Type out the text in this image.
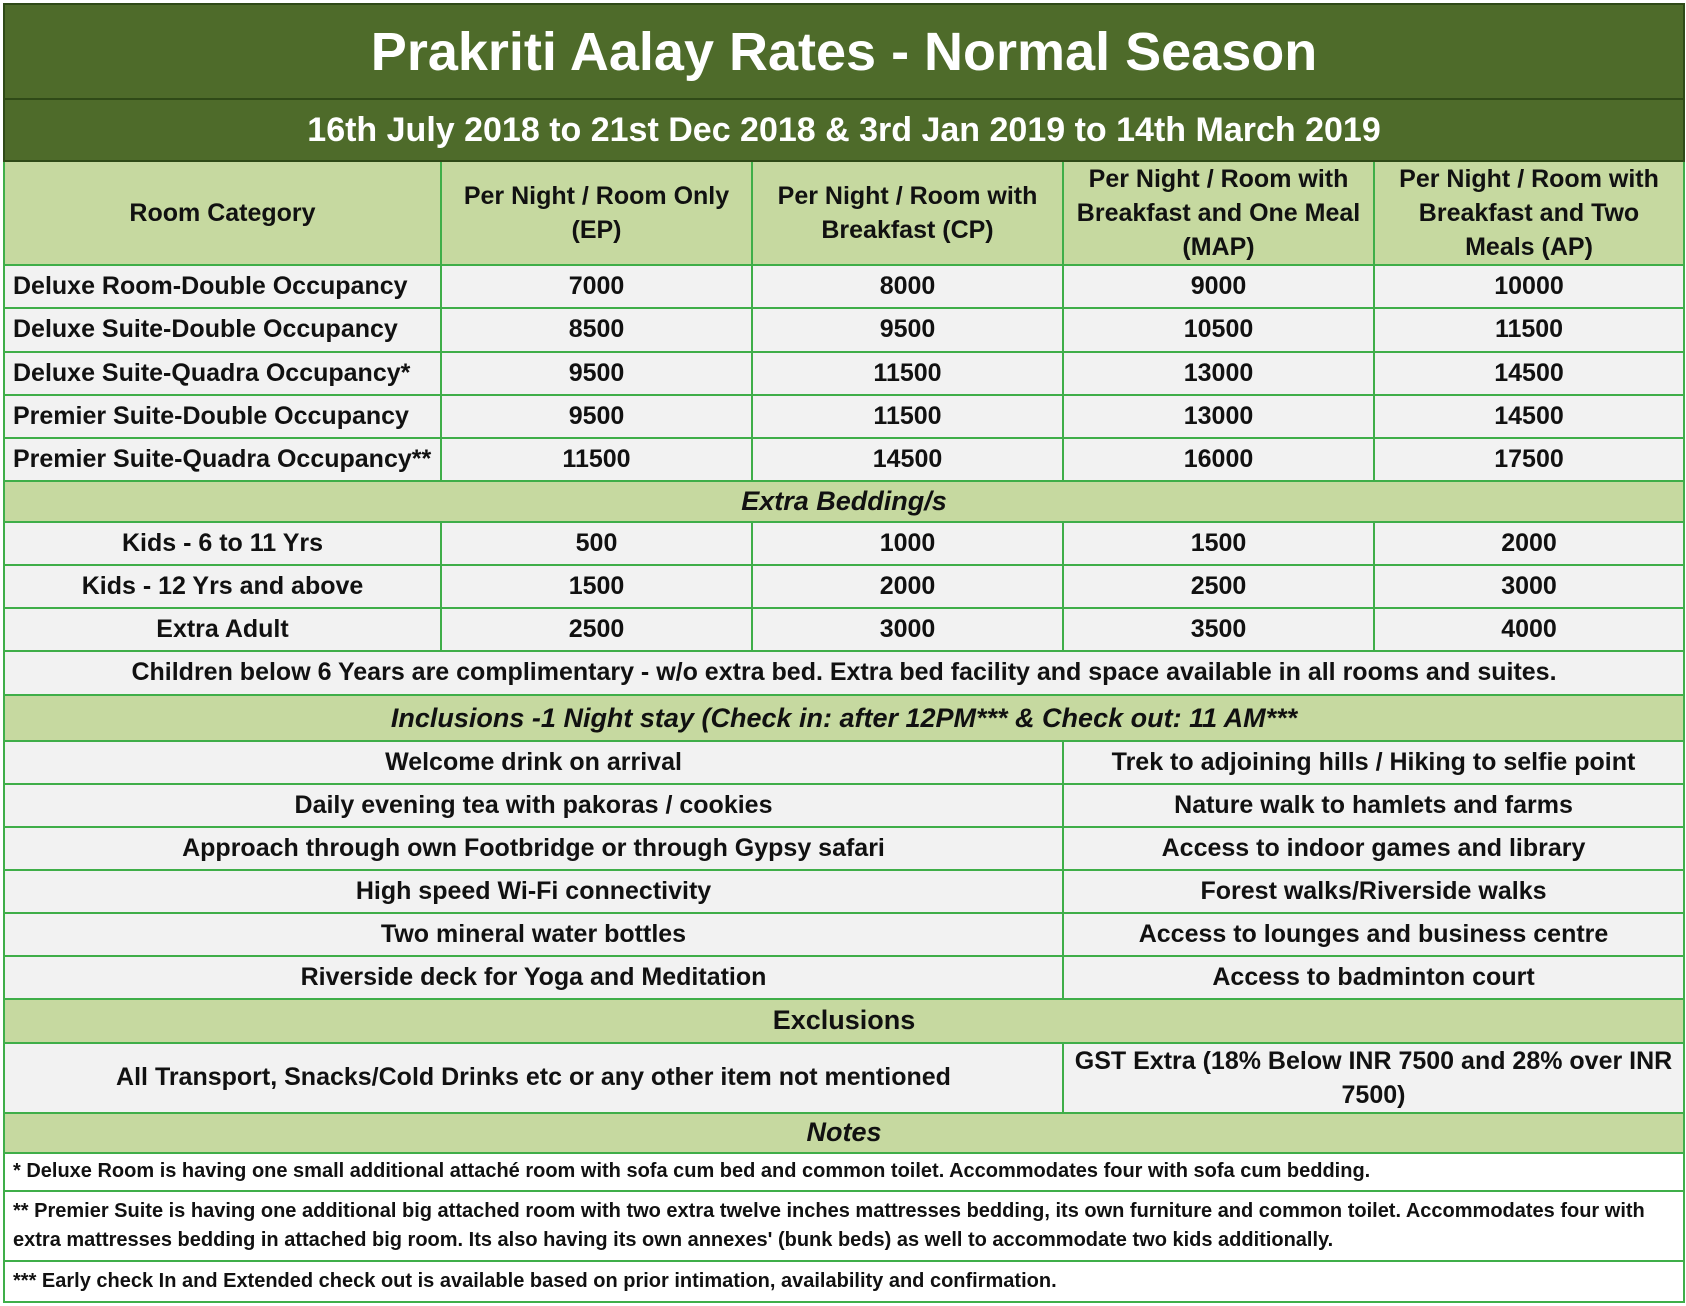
Prakriti Aalay Rates - Normal Season				
16th July 2018 to 21st Dec 2018 & 3rd Jan 2019 to 14th March 2019				
Room Category	Per Night / Room Only (EP)	Per Night / Room with Breakfast (CP)	Per Night / Room with Breakfast and One Meal (MAP)	Per Night / Room with Breakfast and Two Meals (AP)
Deluxe Room-Double Occupancy	7000	8000	9000	10000
Deluxe Suite-Double Occupancy	8500	9500	10500	11500
Deluxe Suite-Quadra Occupancy*	9500	11500	13000	14500
Premier Suite-Double Occupancy	9500	11500	13000	14500
Premier Suite-Quadra Occupancy**	11500	14500	16000	17500
Extra Bedding/s				
Kids - 6 to 11 Yrs	500	1000	1500	2000
Kids - 12 Yrs and above	1500	2000	2500	3000
Extra Adult	2500	3000	3500	4000
Children below 6 Years are complimentary - w/o extra bed. Extra bed facility and space available in all rooms and suites.				
Inclusions -1 Night stay (Check in: after 12PM*** & Check out: 11 AM***				
Welcome drink on arrival			Trek to adjoining hills / Hiking to selfie point	
Daily evening tea with pakoras / cookies			Nature walk to hamlets and farms	
Approach through own Footbridge or through Gypsy safari			Access to indoor games and library	
High speed Wi-Fi connectivity			Forest walks/Riverside walks	
Two mineral water bottles			Access to lounges and business centre	
Riverside deck for Yoga and Meditation			Access to badminton court	
Exclusions				
All Transport, Snacks/Cold Drinks etc or any other item not mentioned			GST Extra (18% Below INR 7500 and 28% over INR 7500)	
Notes				
* Deluxe Room is having one small additional attaché room with sofa cum bed and common toilet. Accommodates four with sofa cum bedding.				
** Premier Suite is having one additional big attached room with two extra twelve inches mattresses bedding, its own furniture and common toilet. Accommodates four with extra mattresses bedding in attached big room. Its also having its own annexes' (bunk beds) as well to accommodate two kids additionally.				
*** Early check In and Extended check out is available based on prior intimation, availability and confirmation.				
